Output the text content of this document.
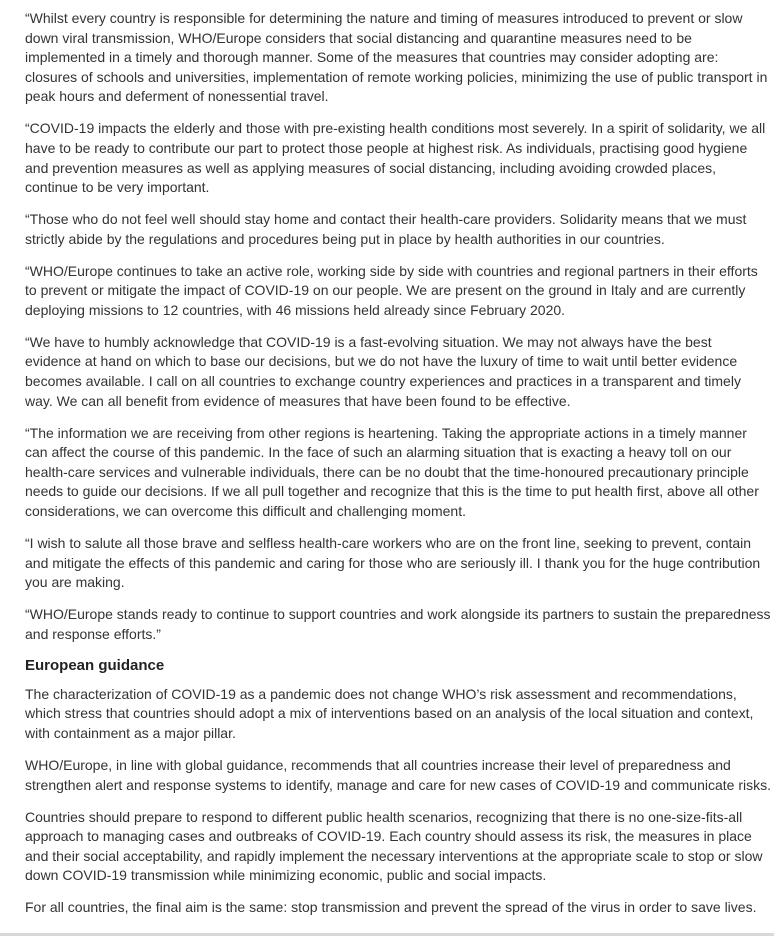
“Whilst every country is responsible for determining the nature and timing of measures introduced to prevent or slow down viral transmission, WHO/Europe considers that social distancing and quarantine measures need to be implemented in a timely and thorough manner. Some of the measures that countries may consider adopting are: closures of schools and universities, implementation of remote working policies, minimizing the use of public transport in peak hours and deferment of nonessential travel.

“COVID-19 impacts the elderly and those with pre-existing health conditions most severely. In a spirit of solidarity, we all have to be ready to contribute our part to protect those people at highest risk. As individuals, practising good hygiene and prevention measures as well as applying measures of social distancing, including avoiding crowded places, continue to be very important.

“Those who do not feel well should stay home and contact their health-care providers. Solidarity means that we must strictly abide by the regulations and procedures being put in place by health authorities in our countries.

“WHO/Europe continues to take an active role, working side by side with countries and regional partners in their efforts to prevent or mitigate the impact of COVID-19 on our people. We are present on the ground in Italy and are currently deploying missions to 12 countries, with 46 missions held already since February 2020.

“We have to humbly acknowledge that COVID-19 is a fast-evolving situation. We may not always have the best evidence at hand on which to base our decisions, but we do not have the luxury of time to wait until better evidence becomes available. I call on all countries to exchange country experiences and practices in a transparent and timely way. We can all benefit from evidence of measures that have been found to be effective.

“The information we are receiving from other regions is heartening. Taking the appropriate actions in a timely manner can affect the course of this pandemic. In the face of such an alarming situation that is exacting a heavy toll on our health-care services and vulnerable individuals, there can be no doubt that the time-honoured precautionary principle needs to guide our decisions. If we all pull together and recognize that this is the time to put health first, above all other considerations, we can overcome this difficult and challenging moment.

“I wish to salute all those brave and selfless health-care workers who are on the front line, seeking to prevent, contain and mitigate the effects of this pandemic and caring for those who are seriously ill. I thank you for the huge contribution you are making.

“WHO/Europe stands ready to continue to support countries and work alongside its partners to sustain the preparedness and response efforts.”

European guidance

The characterization of COVID-19 as a pandemic does not change WHO’s risk assessment and recommendations, which stress that countries should adopt a mix of interventions based on an analysis of the local situation and context, with containment as a major pillar.

WHO/Europe, in line with global guidance, recommends that all countries increase their level of preparedness and strengthen alert and response systems to identify, manage and care for new cases of COVID-19 and communicate risks.

Countries should prepare to respond to different public health scenarios, recognizing that there is no one-size-fits-all approach to managing cases and outbreaks of COVID-19. Each country should assess its risk, the measures in place and their social acceptability, and rapidly implement the necessary interventions at the appropriate scale to stop or slow down COVID-19 transmission while minimizing economic, public and social impacts.

For all countries, the final aim is the same: stop transmission and prevent the spread of the virus in order to save lives.
